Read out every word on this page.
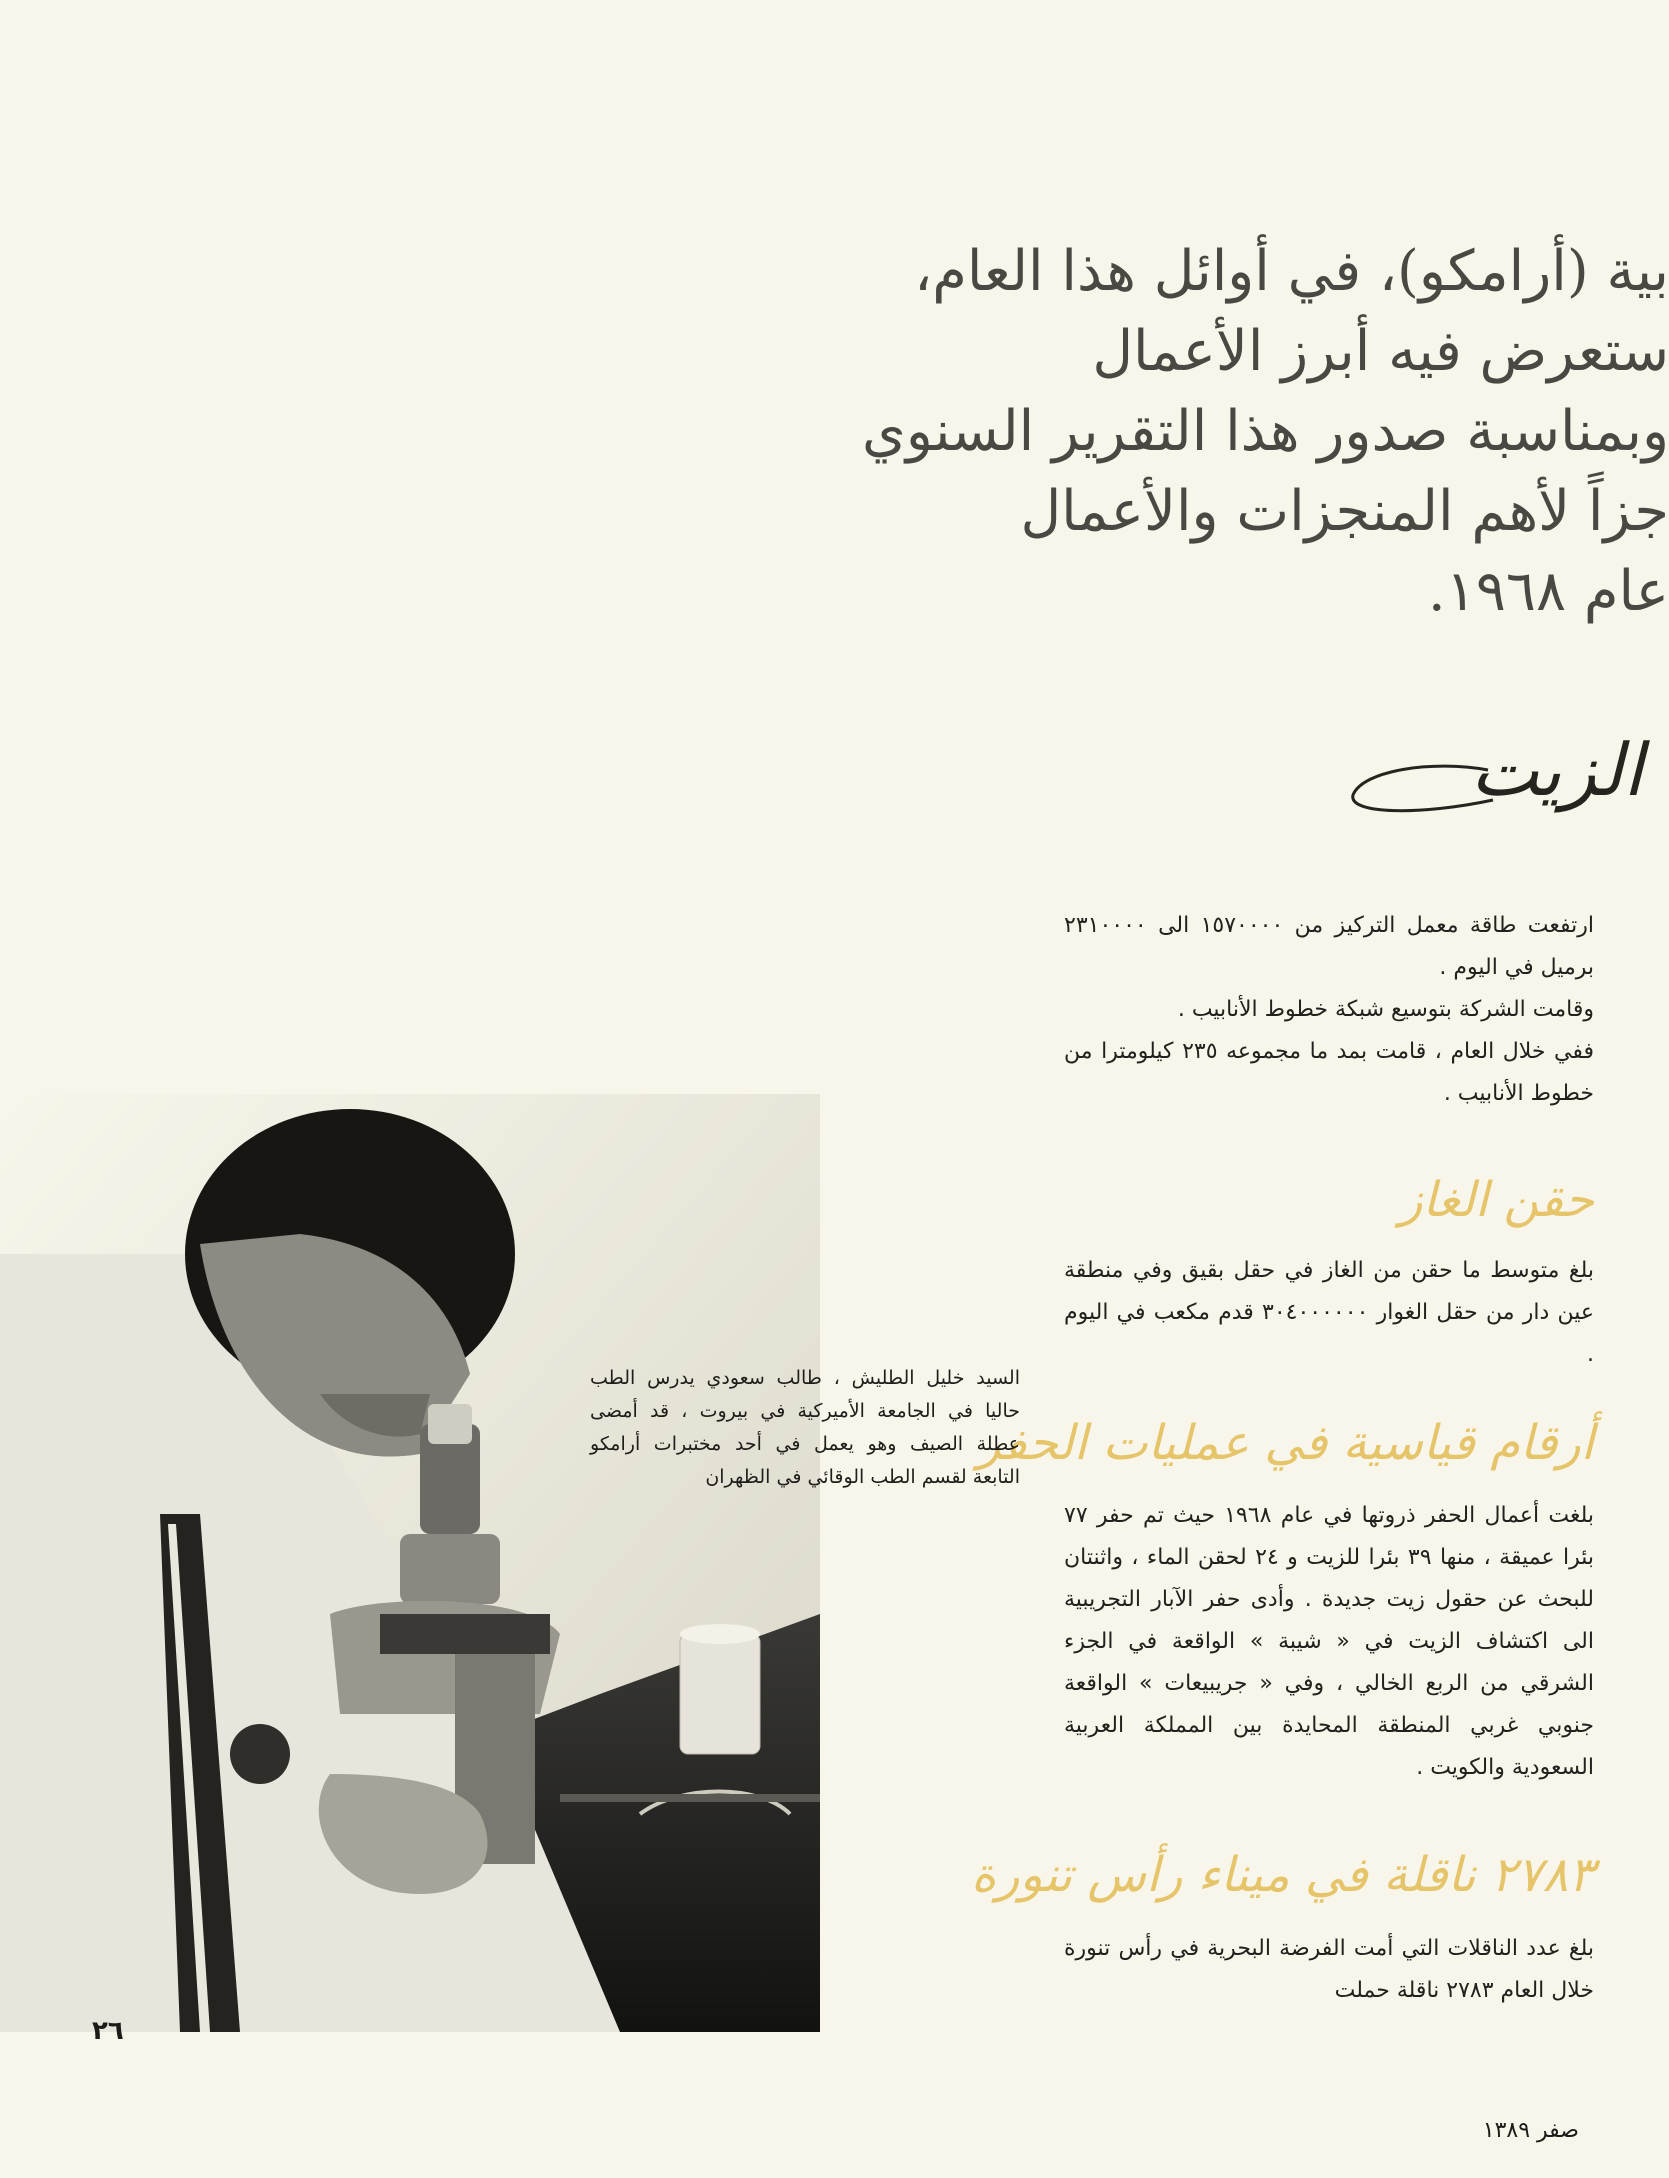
بية (أرامكو)، في أوائل هذا العام،
ستعرض فيه أبرز الأعمال
وبمناسبة صدور هذا التقرير السنوي
جزاً لأهم المنجزات والأعمال
عام ١٩٦٨.
الزيت

ارتفعت طاقة معمل التركيز من ١٥٧٠٠٠٠ الى ٢٣١٠٠٠٠ برميل في اليوم .

وقامت الشركة بتوسيع شبكة خطوط الأنابيب .

ففي خلال العام ، قامت بمد ما مجموعه ٢٣٥ كيلومترا من خطوط الأنابيب .

حقن الغاز

بلغ متوسط ما حقن من الغاز في حقل بقيق وفي منطقة عين دار من حقل الغوار ٣٠٤٠٠٠٠٠٠ قدم مكعب في اليوم .

أرقام قياسية في عمليات الحفر

بلغت أعمال الحفر ذروتها في عام ١٩٦٨ حيث تم حفر ٧٧ بئرا عميقة ، منها ٣٩ بئرا للزيت و ٢٤ لحقن الماء ، واثنتان للبحث عن حقول زيت جديدة . وأدى حفر الآبار التجريبية الى اكتشاف الزيت في « شيبة » الواقعة في الجزء الشرقي من الربع الخالي ، وفي « جريبيعات » الواقعة جنوبي غربي المنطقة المحايدة بين المملكة العربية السعودية والكويت .

٢٧٨٣ ناقلة في ميناء رأس تنورة

بلغ عدد الناقلات التي أمت الفرضة البحرية في رأس تنورة خلال العام ٢٧٨٣ ناقلة حملت

السيد خليل الطليش ، طالب سعودي يدرس الطب حاليا في الجامعة الأميركية في بيروت ، قد أمضى عطلة الصيف وهو يعمل في أحد مختبرات أرامكو التابعة لقسم الطب الوقائي في الظهران
٢٦
صفر ١٣٨٩
